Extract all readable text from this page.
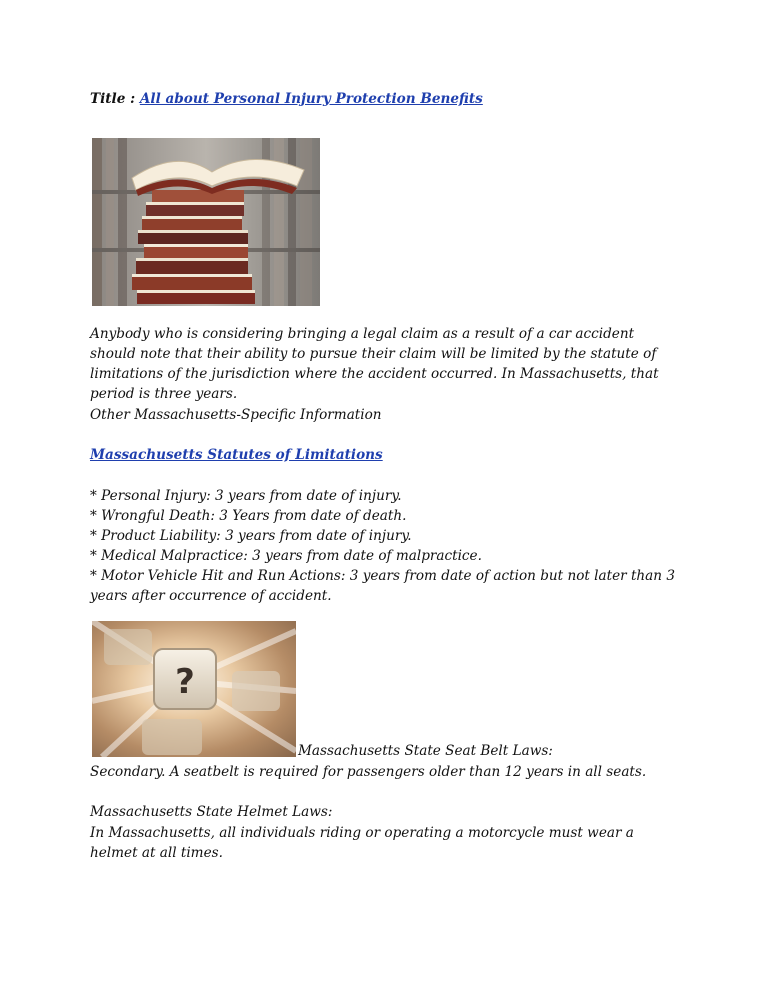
Title : All about Personal Injury Protection Benefits
Anybody who is considering bringing a legal claim as a result of a car accident should note that their ability to pursue their claim will be limited by the statute of limitations of the jurisdiction where the accident occurred. In Massachusetts, that period is three years.
Other Massachusetts-Specific Information
Massachusetts Statutes of Limitations
* Personal Injury: 3 years from date of injury.
* Wrongful Death: 3 Years from date of death.
* Product Liability: 3 years from date of injury.
* Medical Malpractice: 3 years from date of malpractice.
* Motor Vehicle Hit and Run Actions: 3 years from date of action but not later than 3 years after occurrence of accident.
?
Massachusetts State Seat Belt Laws:
Secondary. A seatbelt is required for passengers older than 12 years in all seats.
Massachusetts State Helmet Laws:
In Massachusetts, all individuals riding or operating a motorcycle must wear a helmet at all times.
